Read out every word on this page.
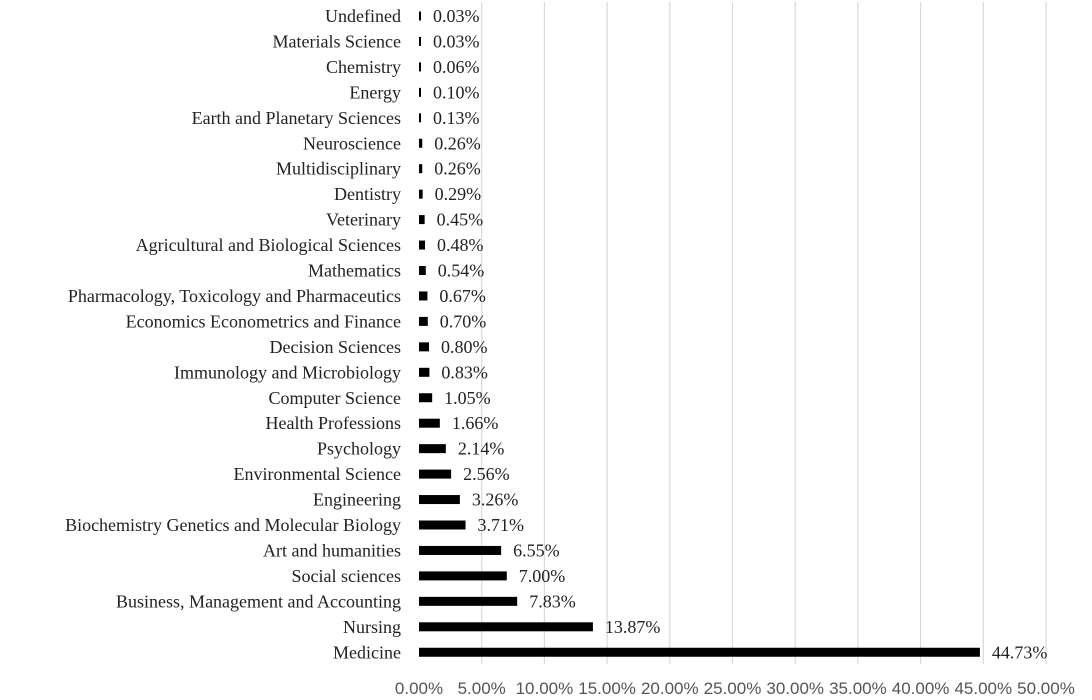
Medicine
Nursing
Business, Management and Accounting
Social sciences
Art and humanities
Biochemistry Genetics and Molecular Biology
Engineering
Environmental Science
Psychology
Health Professions
Computer Science
Immunology and Microbiology
Decision Sciences
Economics Econometrics and Finance
Pharmacology, Toxicology and Pharmaceutics
Mathematics
Agricultural and Biological Sciences
Veterinary
Dentistry
Multidisciplinary
Neuroscience
Earth and Planetary Sciences
Energy
Chemistry
Materials Science
Undefined
44.73%
13.87%
7.83%
7.00%
6.55%
3.71%
3.26%
2.56%
2.14%
1.66%
1.05%
0.83%
0.80%
0.70%
0.67%
0.54%
0.48%
0.45%
0.29%
0.26%
0.26%
0.13%
0.10%
0.06%
0.03%
0.03%
0.00% 5.00% 10.00% 15.00% 20.00% 25.00% 30.00% 35.00% 40.00% 45.00% 50.00%
